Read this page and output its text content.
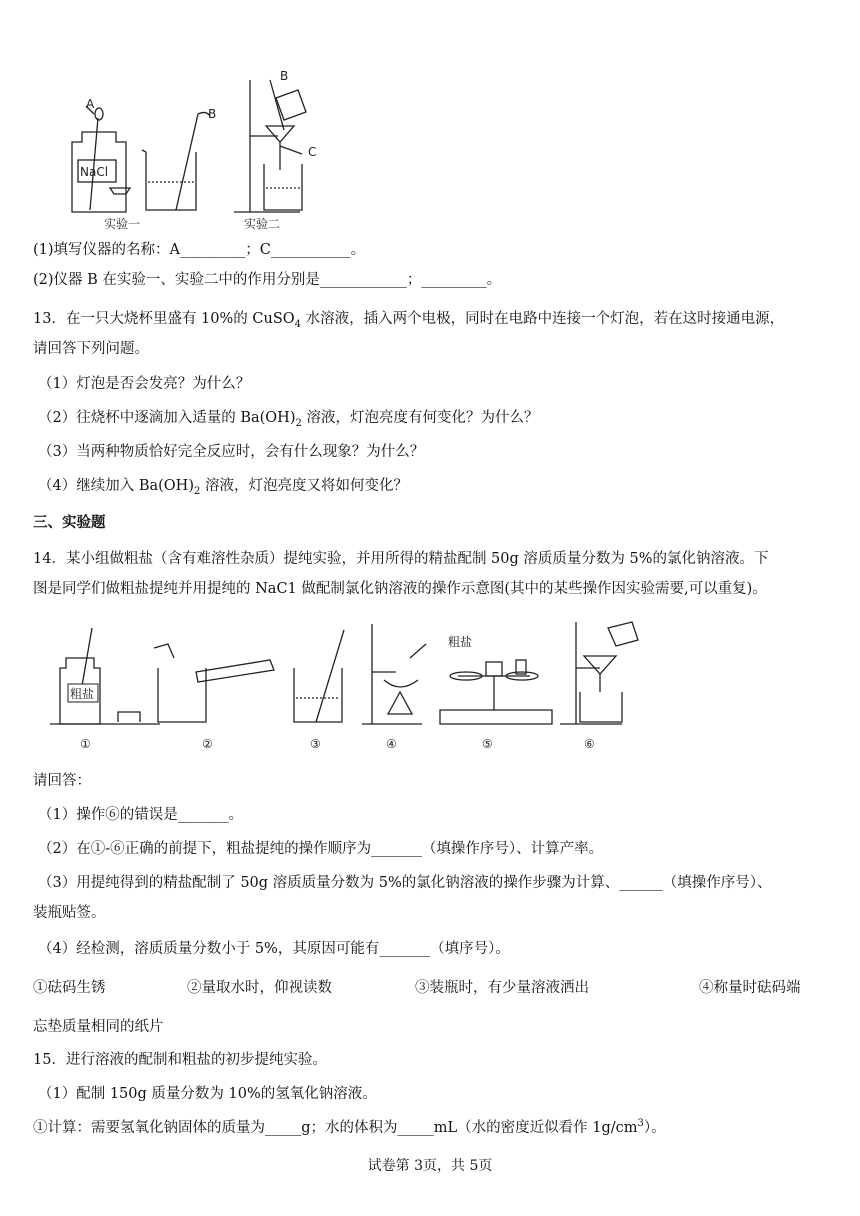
A
B
B
C
NaCl
实验一	实验二
(1)填写仪器的名称：A_________；C___________。
(2)仪器 B 在实验一、实验二中的作用分别是____________；_________。
13．在一只大烧杯里盛有 10%的 CuSO$_4$ 水溶液，插入两个电极，同时在电路中连接一个灯泡，若在这时接通电源，
请回答下列问题。
（1）灯泡是否会发亮？为什么？
（2）往烧杯中逐滴加入适量的 $Ba(OH)_2$ 溶液，灯泡亮度有何变化？为什么？
（3）当两种物质恰好完全反应时，会有什么现象？为什么？
（4）继续加入 $Ba(OH)_2$ 溶液，灯泡亮度又将如何变化？
三、实验题
14．某小组做粗盐（含有难溶性杂质）提纯实验，并用所得的精盐配制 50g 溶质质量分数为 5%的氯化钠溶液。下
图是同学们做粗盐提纯并用提纯的 NaC1 做配制氯化钠溶液的操作示意图(其中的某些操作因实验需要,可以重复)。
粗盐
粗盐
①	②	③	④	⑤	⑥
请回答：
（1）操作⑥的错误是_______。
（2）在①-⑥正确的前提下，粗盐提纯的操作顺序为_______（填操作序号）、计算产率。
（3）用提纯得到的精盐配制了 50g 溶质质量分数为 5%的氯化钠溶液的操作步骤为计算、______（填操作序号）、
装瓶贴签。
（4）经检测，溶质质量分数小于 5%，其原因可能有_______（填序号）。
①砝码生锈	②量取水时，仰视读数	③装瓶时，有少量溶液洒出	④称量时砝码端
忘垫质量相同的纸片
15．进行溶液的配制和粗盐的初步提纯实验。
（1）配制 150g 质量分数为 10%的氢氧化钠溶液。
①计算：需要氢氧化钠固体的质量为_____g；水的体积为_____mL（水的密度近似看作 $1g/cm^3$）。
试卷第 3页，共 5页
